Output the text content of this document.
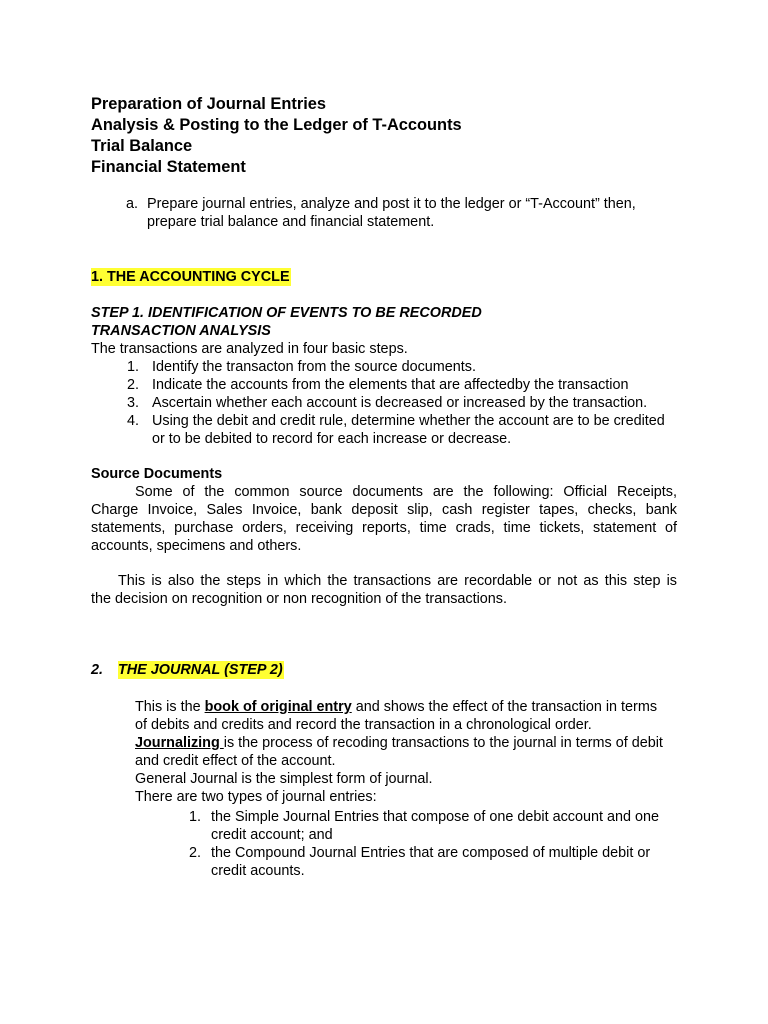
Preparation of Journal Entries
Analysis & Posting to the Ledger of T-Accounts
Trial Balance
Financial Statement
a. Prepare journal entries, analyze and post it to the ledger or “T-Account” then,
prepare trial balance and financial statement.
1. THE ACCOUNTING CYCLE
STEP 1. IDENTIFICATION OF EVENTS TO BE RECORDED
TRANSACTION ANALYSIS
The transactions are analyzed in four basic steps.
1. Identify the transacton from the source documents.
2. Indicate the accounts from the elements that are affectedby the transaction
3. Ascertain whether each account is decreased or increased by the transaction.
4. Using the debit and credit rule, determine whether the account are to be credited
or to be debited to record for each increase or decrease.
Source Documents
Some of the common source documents are the following: Official Receipts,
Charge Invoice, Sales Invoice, bank deposit slip, cash register tapes, checks, bank
statements, purchase orders, receiving reports, time crads, time tickets, statement of
accounts, specimens and others.
This is also the steps in which the transactions are recordable or not as this step is
the decision on recognition or non recognition of the transactions.
2. THE JOURNAL (STEP 2)
This is the book of original entry and shows the effect of the transaction in terms
of debits and credits and record the transaction in a chronological order.
Journalizing is the process of recoding transactions to the journal in terms of debit
and credit effect of the account.
General Journal is the simplest form of journal.
There are two types of journal entries:
1. the Simple Journal Entries that compose of one debit account and one
credit account; and
2. the Compound Journal Entries that are composed of multiple debit or
credit acounts.
